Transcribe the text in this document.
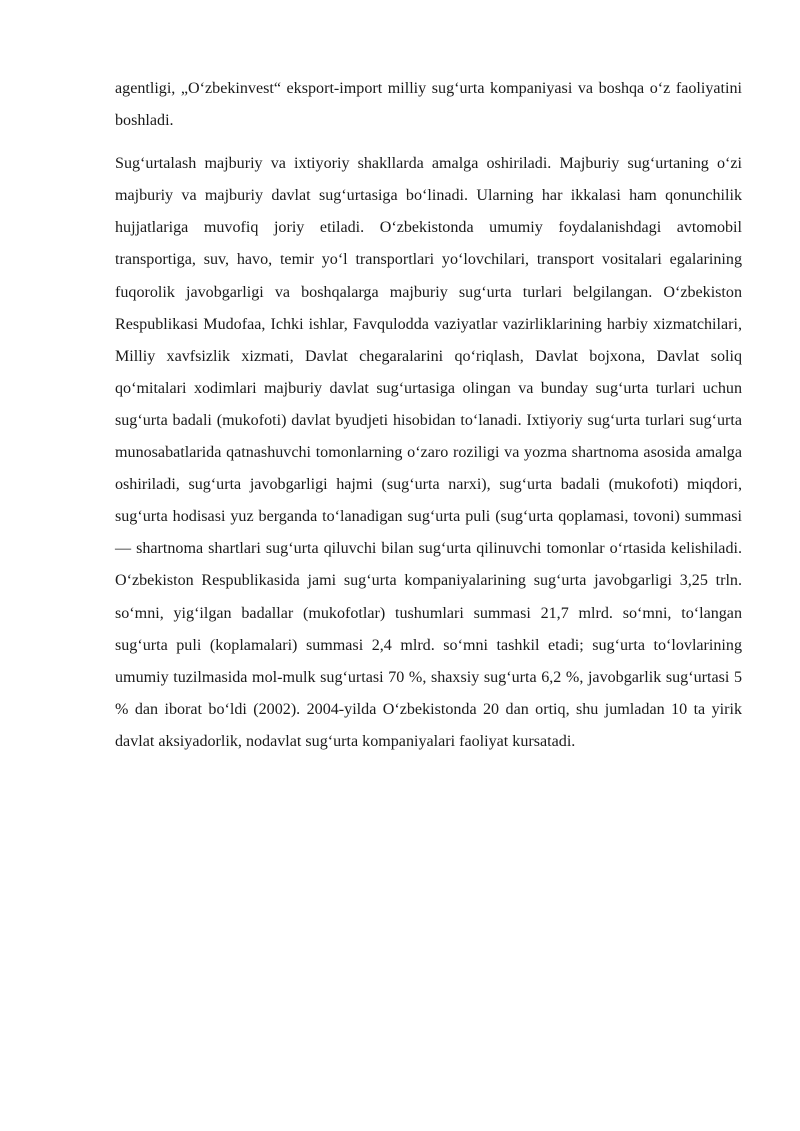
agentligi, „O‘zbekinvest“ eksport-import milliy sug‘urta kompaniyasi va boshqa o‘z faoliyatini boshladi.

Sug‘urtalash majburiy va ixtiyoriy shakllarda amalga oshiriladi. Majburiy sug‘urtaning o‘zi majburiy va majburiy davlat sug‘urtasiga bo‘linadi. Ularning har ikkalasi ham qonunchilik hujjatlariga muvofiq joriy etiladi. O‘zbekistonda umumiy foydalanishdagi avtomobil transportiga, suv, havo, temir yo‘l transportlari yo‘lovchilari, transport vositalari egalarining fuqorolik javobgarligi va boshqalarga majburiy sug‘urta turlari belgilangan. O‘zbekiston Respublikasi Mudofaa, Ichki ishlar, Favqulodda vaziyatlar vazirliklarining harbiy xizmatchilari, Milliy xavfsizlik xizmati, Davlat chegaralarini qo‘riqlash, Davlat bojxona, Davlat soliq qo‘mitalari xodimlari majburiy davlat sug‘urtasiga olingan va bunday sug‘urta turlari uchun sug‘urta badali (mukofoti) davlat byudjeti hisobidan to‘lanadi. Ixtiyoriy sug‘urta turlari sug‘urta munosabatlarida qatnashuvchi tomonlarning o‘zaro roziligi va yozma shartnoma asosida amalga oshiriladi, sug‘urta javobgarligi hajmi (sug‘urta narxi), sug‘urta badali (mukofoti) miqdori, sug‘urta hodisasi yuz berganda to‘lanadigan sug‘urta puli (sug‘urta qoplamasi, tovoni) summasi — shartnoma shartlari sug‘urta qiluvchi bilan sug‘urta qilinuvchi tomonlar o‘rtasida kelishiladi. O‘zbekiston Respublikasida jami sug‘urta kompaniyalarining sug‘urta javobgarligi 3,25 trln. so‘mni, yig‘ilgan badallar (mukofotlar) tushumlari summasi 21,7 mlrd. so‘mni, to‘langan sug‘urta puli (koplamalari) summasi 2,4 mlrd. so‘mni tashkil etadi; sug‘urta to‘lovlarining umumiy tuzilmasida mol-mulk sug‘urtasi 70 %, shaxsiy sug‘urta 6,2 %, javobgarlik sug‘urtasi 5 % dan iborat bo‘ldi (2002). 2004-yilda O‘zbekistonda 20 dan ortiq, shu jumladan 10 ta yirik davlat aksiyadorlik, nodavlat sug‘urta kompaniyalari faoliyat kursatadi.
